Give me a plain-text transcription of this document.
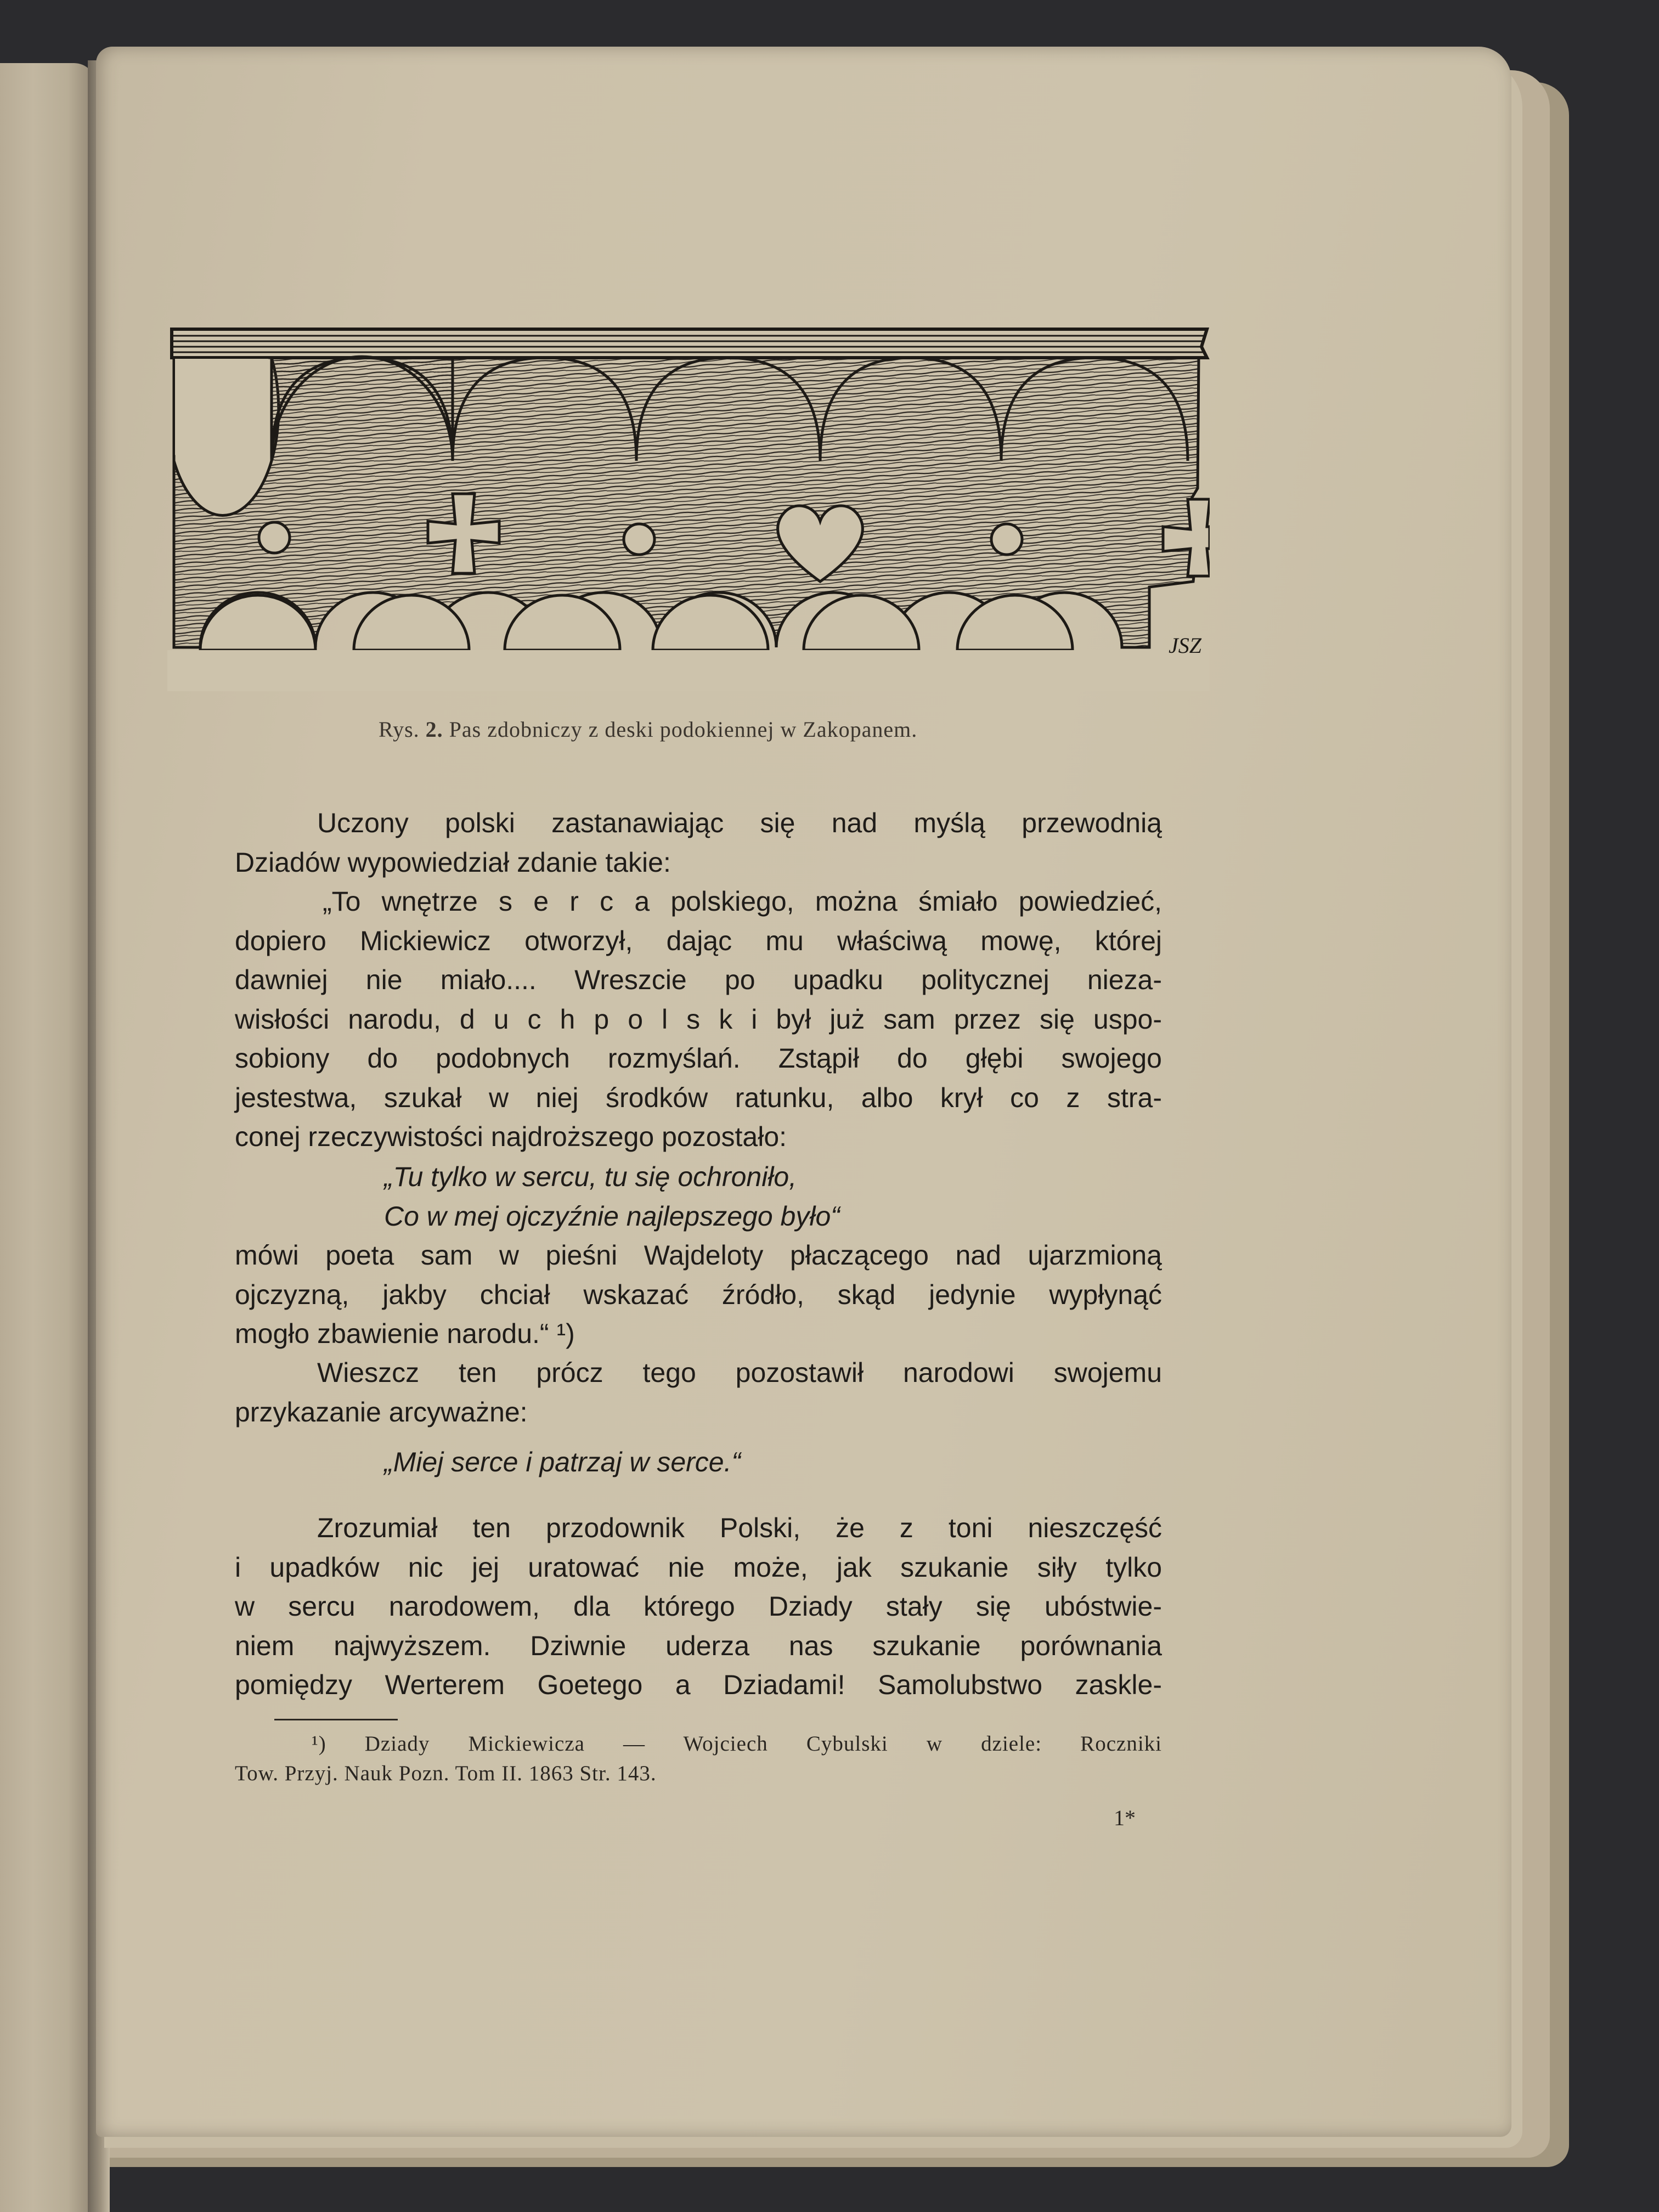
JSZ
Rys. 2. Pas zdobniczy z deski podokiennej w Zakopanem.
Uczony polski zastanawiając się nad myślą przewodnią
Dziadów wypowiedział zdanie takie:
„To wnętrze s e r c a polskiego, można śmiało powiedzieć,
dopiero Mickiewicz otworzył, dając mu właściwą mowę, której
dawniej nie miało.... Wreszcie po upadku politycznej nieza-
wisłości narodu, d u c h p o l s k i był już sam przez się uspo-
sobiony do podobnych rozmyślań. Zstąpił do głębi swojego
jestestwa, szukał w niej środków ratunku, albo krył co z stra-
conej rzeczywistości najdroższego pozostało:
„Tu tylko w sercu, tu się ochroniło,
Co w mej ojczyźnie najlepszego było“
mówi poeta sam w pieśni Wajdeloty płaczącego nad ujarzmioną
ojczyzną, jakby chciał wskazać źródło, skąd jedynie wypłynąć
mogło zbawienie narodu.“ ¹)
Wieszcz ten prócz tego pozostawił narodowi swojemu
przykazanie arcyważne:
„Miej serce i patrzaj w serce.“
Zrozumiał ten przodownik Polski, że z toni nieszczęść
i upadków nic jej uratować nie może, jak szukanie siły tylko
w sercu narodowem, dla którego Dziady stały się ubóstwie-
niem najwyższem. Dziwnie uderza nas szukanie porównania
pomiędzy Werterem Goetego a Dziadami! Samolubstwo zaskle-
¹) Dziady Mickiewicza — Wojciech Cybulski w dziele: Roczniki
Tow. Przyj. Nauk Pozn. Tom II. 1863 Str. 143.
1*
